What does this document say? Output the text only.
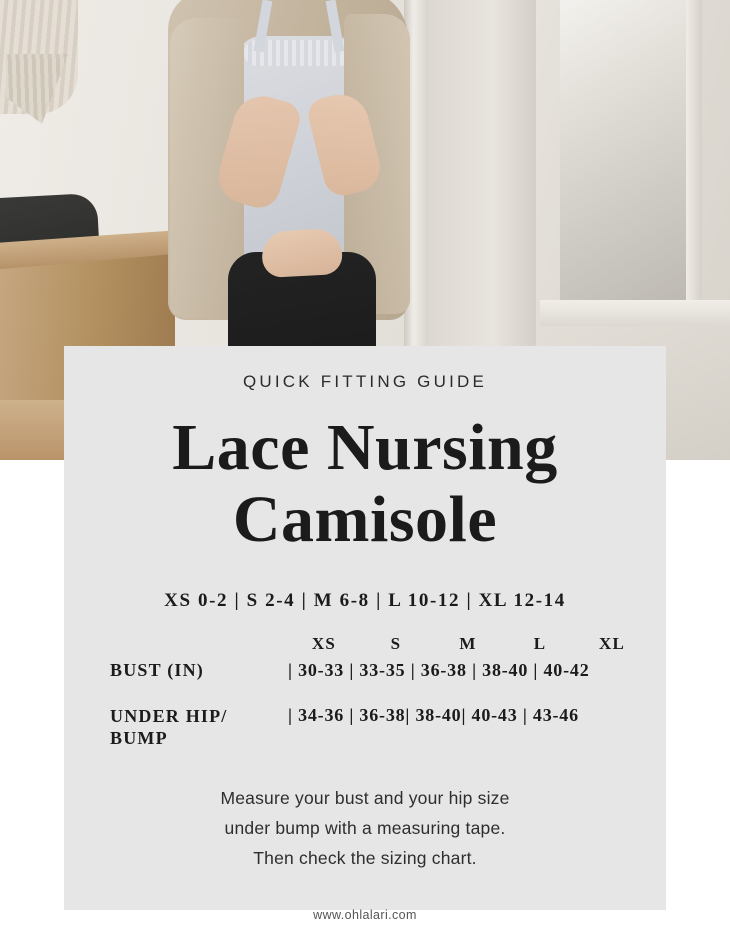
QUICK FITTING GUIDE

Lace Nursing
Camisole

XS 0-2 | S 2-4 | M 6-8 | L 10-12 | XL 12-14

XS	S	M	L	XL
BUST (IN)	| 30-33 | 33-35 | 36-38 | 38-40 | 40-42
UNDER HIP/
BUMP
| 34-36 | 36-38| 38-40| 40-43 | 43-46
Measure your bust and your hip size
under bump with a measuring tape.
Then check the sizing chart.
www.ohlalari.com
